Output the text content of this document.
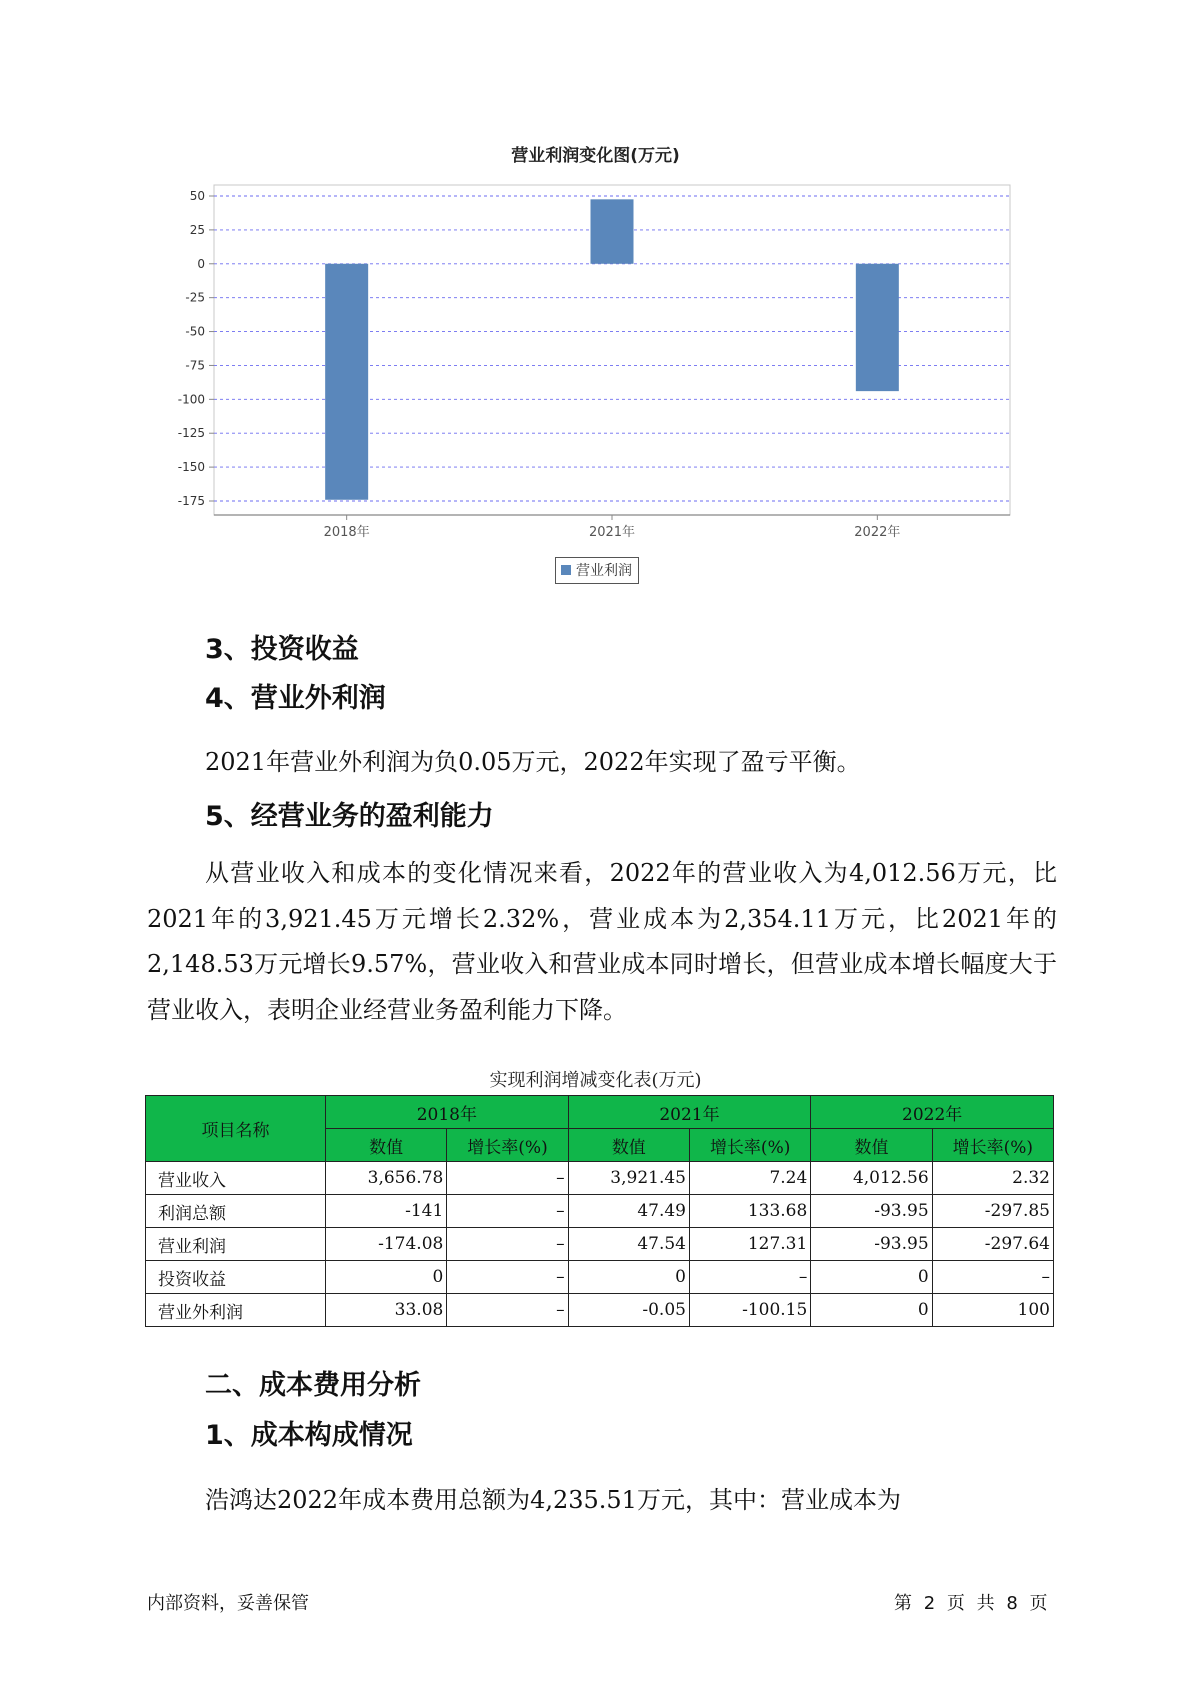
营业利润变化图(万元)
50
25
0
-25
-50
-75
-100
-125
-150
-175
2018年	2021年	2022年
营业利润
3、投资收益
4、营业外利润
2021年营业外利润为负0.05万元，2022年实现了盈亏平衡。
5、经营业务的盈利能力
从营业收入和成本的变化情况来看，2022年的营业收入为4,012.56万元，比2021年的3,921.45万元增长2.32%，营业成本为2,354.11万元，比2021年的2,148.53万元增长9.57%，营业收入和营业成本同时增长，但营业成本增长幅度大于营业收入，表明企业经营业务盈利能力下降。
实现利润增减变化表(万元)
项目名称	2018年		2021年		2022年	
	数值	增长率(%)	数值	增长率(%)	数值	增长率(%)
营业收入	3,656.78	–	3,921.45	7.24	4,012.56	2.32
利润总额	-141	–	47.49	133.68	-93.95	-297.85
营业利润	-174.08	–	47.54	127.31	-93.95	-297.64
投资收益	0	–	0	–	0	–
营业外利润	33.08	–	-0.05	-100.15	0	100
二、成本费用分析
1、成本构成情况
浩鸿达2022年成本费用总额为4,235.51万元，其中：营业成本为
内部资料，妥善保管	第 2 页 共 8 页
